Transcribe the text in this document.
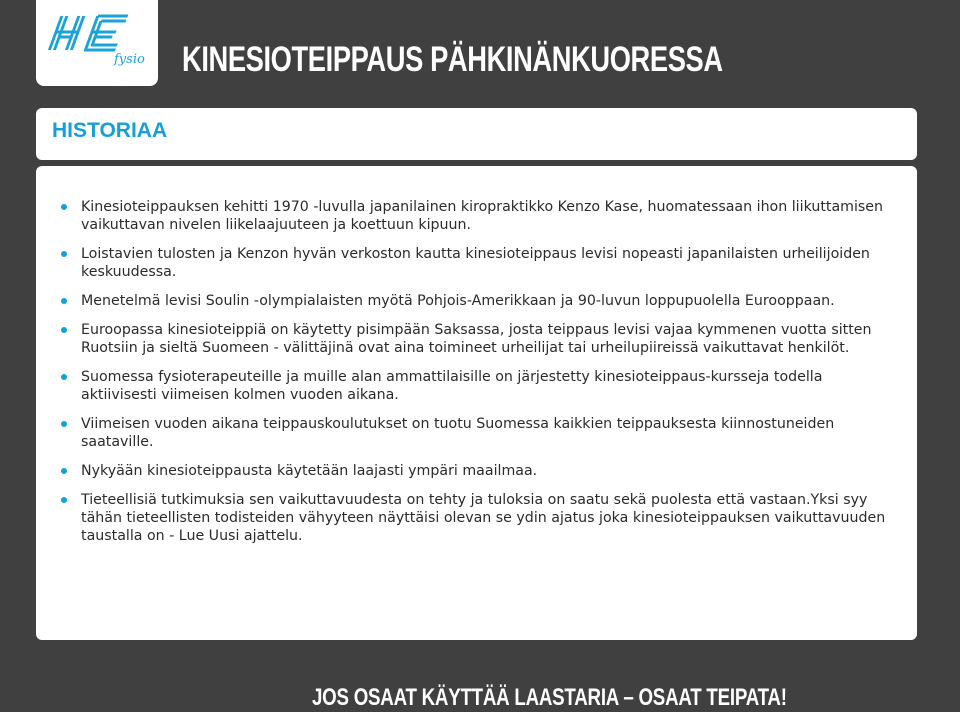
fysio KINESIOTEIPPAUS PÄHKINÄNKUORESSA
HISTORIAA
Kinesioteippauksen kehitti 1970 -luvulla japanilainen kiropraktikko Kenzo Kase, huomatessaan ihon liikuttamisen vaikuttavan nivelen liikelaajuuteen ja koettuun kipuun.
Loistavien tulosten ja Kenzon hyvän verkoston kautta kinesioteippaus levisi nopeasti japanilaisten urheilijoiden keskuudessa.
Menetelmä levisi Soulin -olympialaisten myötä Pohjois-Amerikkaan ja 90-luvun loppupuolella Eurooppaan.
Euroopassa kinesioteippiä on käytetty pisimpään Saksassa, josta teippaus levisi vajaa kymmenen vuotta sitten Ruotsiin ja sieltä Suomeen - välittäjinä ovat aina toimineet urheilijat tai urheilupiireissä vaikuttavat henkilöt.
Suomessa fysioterapeuteille ja muille alan ammattilaisille on järjestetty kinesioteippaus-kursseja todella aktiivisesti viimeisen kolmen vuoden aikana.
Viimeisen vuoden aikana teippauskoulutukset on tuotu Suomessa kaikkien teippauksesta kiinnostuneiden saataville.
Nykyään kinesioteippausta käytetään laajasti ympäri maailmaa.
Tieteellisiä tutkimuksia sen vaikuttavuudesta on tehty ja tuloksia on saatu sekä puolesta että vastaan.Yksi syy tähän tieteellisten todisteiden vähyyteen näyttäisi olevan se ydin ajatus joka kinesioteippauksen vaikuttavuuden taustalla on - Lue Uusi ajattelu.
JOS OSAAT KÄYTTÄÄ LAASTARIA – OSAAT TEIPATA!
